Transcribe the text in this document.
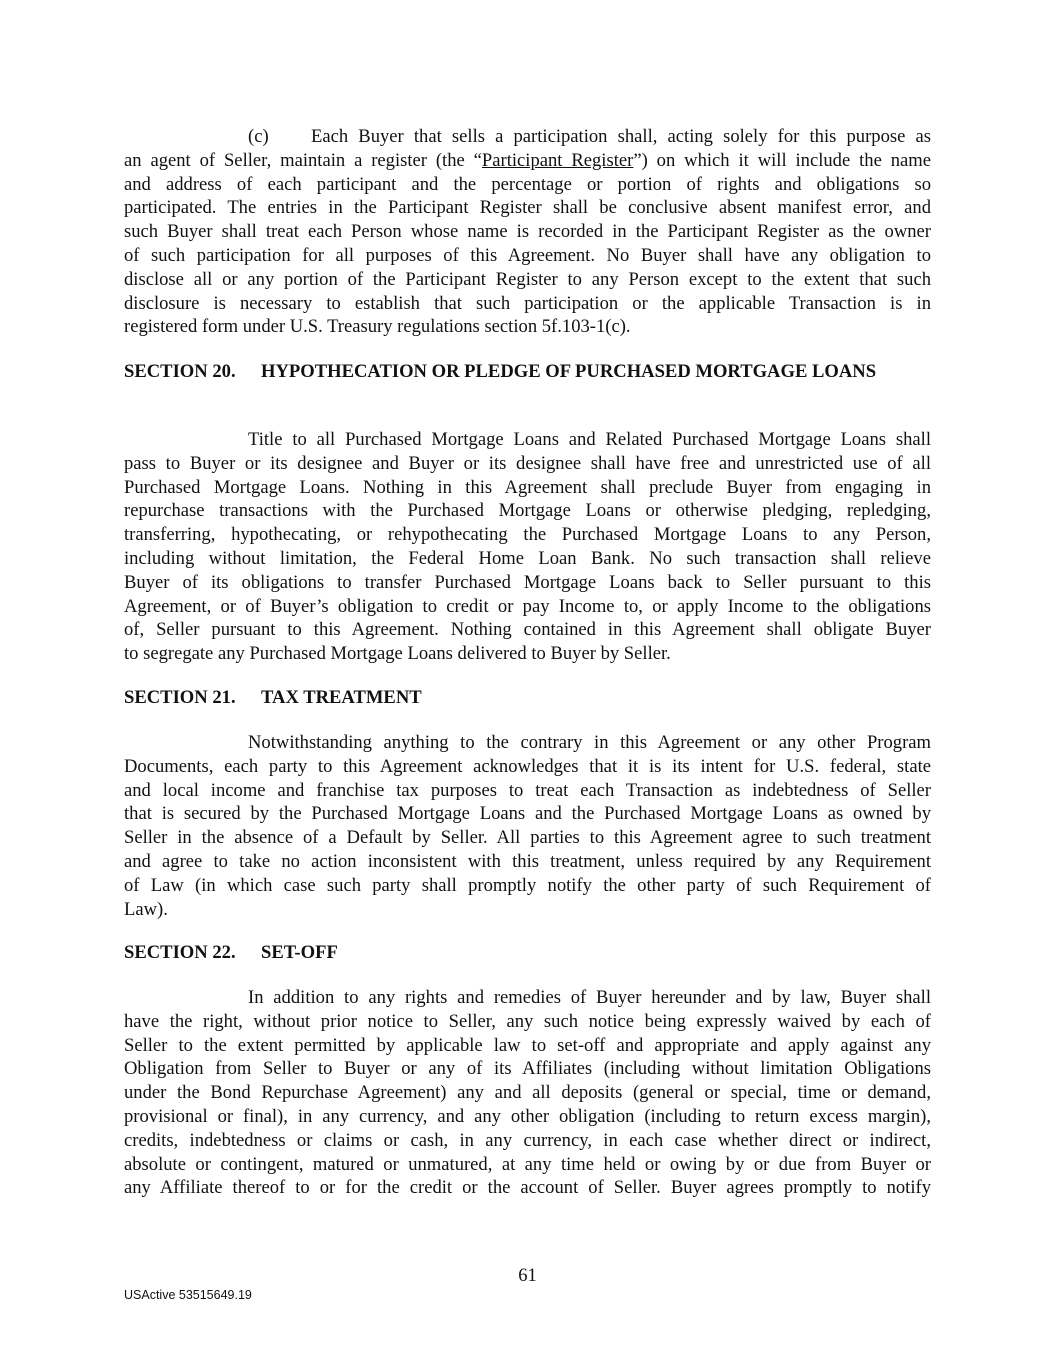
(c) Each Buyer that sells a participation shall, acting solely for this purpose as
an agent of Seller, maintain a register (the “Participant Register”) on which it will include the name
and address of each participant and the percentage or portion of rights and obligations so
participated. The entries in the Participant Register shall be conclusive absent manifest error, and
such Buyer shall treat each Person whose name is recorded in the Participant Register as the owner
of such participation for all purposes of this Agreement. No Buyer shall have any obligation to
disclose all or any portion of the Participant Register to any Person except to the extent that such
disclosure is necessary to establish that such participation or the applicable Transaction is in
registered form under U.S. Treasury regulations section 5f.103-1(c).
SECTION 20. HYPOTHECATION OR PLEDGE OF PURCHASED MORTGAGE LOANS
Title to all Purchased Mortgage Loans and Related Purchased Mortgage Loans shall
pass to Buyer or its designee and Buyer or its designee shall have free and unrestricted use of all
Purchased Mortgage Loans. Nothing in this Agreement shall preclude Buyer from engaging in
repurchase transactions with the Purchased Mortgage Loans or otherwise pledging, repledging,
transferring, hypothecating, or rehypothecating the Purchased Mortgage Loans to any Person,
including without limitation, the Federal Home Loan Bank. No such transaction shall relieve
Buyer of its obligations to transfer Purchased Mortgage Loans back to Seller pursuant to this
Agreement, or of Buyer’s obligation to credit or pay Income to, or apply Income to the obligations
of, Seller pursuant to this Agreement. Nothing contained in this Agreement shall obligate Buyer
to segregate any Purchased Mortgage Loans delivered to Buyer by Seller.
SECTION 21. TAX TREATMENT
Notwithstanding anything to the contrary in this Agreement or any other Program
Documents, each party to this Agreement acknowledges that it is its intent for U.S. federal, state
and local income and franchise tax purposes to treat each Transaction as indebtedness of Seller
that is secured by the Purchased Mortgage Loans and the Purchased Mortgage Loans as owned by
Seller in the absence of a Default by Seller. All parties to this Agreement agree to such treatment
and agree to take no action inconsistent with this treatment, unless required by any Requirement
of Law (in which case such party shall promptly notify the other party of such Requirement of
Law).
SECTION 22. SET-OFF
In addition to any rights and remedies of Buyer hereunder and by law, Buyer shall
have the right, without prior notice to Seller, any such notice being expressly waived by each of
Seller to the extent permitted by applicable law to set-off and appropriate and apply against any
Obligation from Seller to Buyer or any of its Affiliates (including without limitation Obligations
under the Bond Repurchase Agreement) any and all deposits (general or special, time or demand,
provisional or final), in any currency, and any other obligation (including to return excess margin),
credits, indebtedness or claims or cash, in any currency, in each case whether direct or indirect,
absolute or contingent, matured or unmatured, at any time held or owing by or due from Buyer or
any Affiliate thereof to or for the credit or the account of Seller. Buyer agrees promptly to notify
61
USActive 53515649.19
